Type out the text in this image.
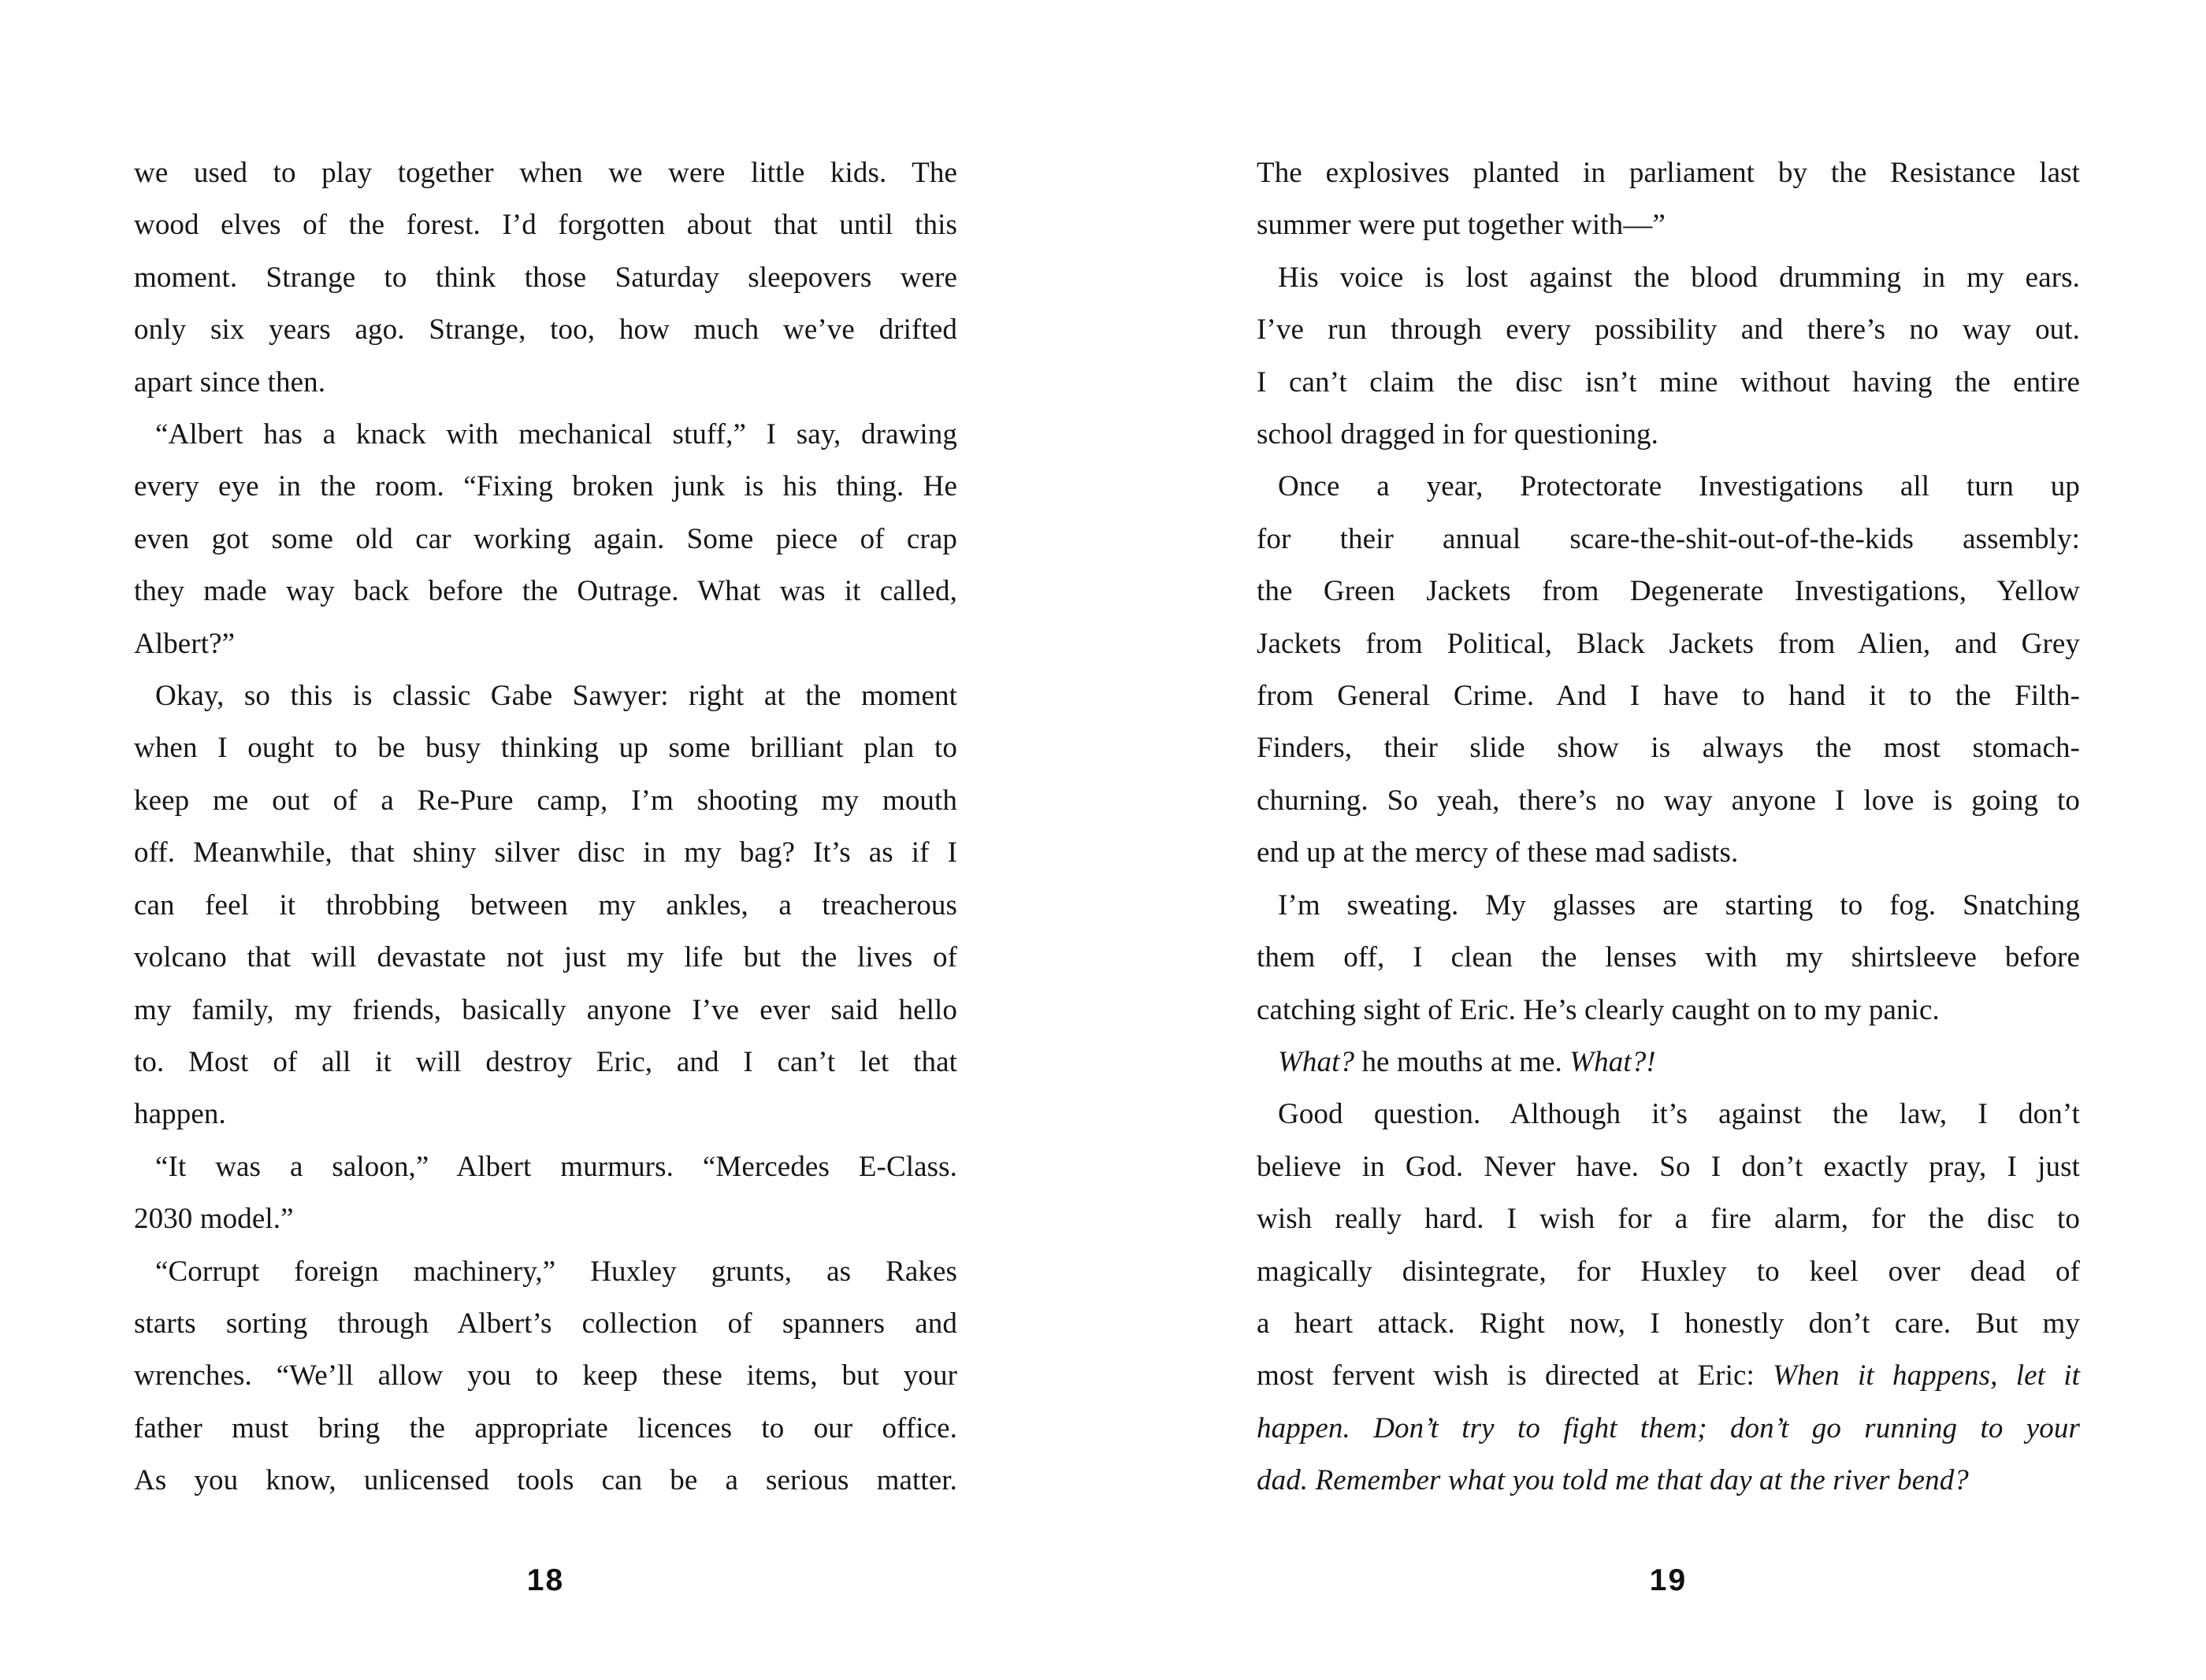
we used to play together when we were little kids. The
wood elves of the forest. I’d forgotten about that until this
moment. Strange to think those Saturday sleepovers were
only six years ago. Strange, too, how much we’ve drifted
apart since then.
“Albert has a knack with mechanical stuff,” I say, drawing
every eye in the room. “Fixing broken junk is his thing. He
even got some old car working again. Some piece of crap
they made way back before the Outrage. What was it called,
Albert?”
Okay, so this is classic Gabe Sawyer: right at the moment
when I ought to be busy thinking up some brilliant plan to
keep me out of a Re-Pure camp, I’m shooting my mouth
off. Meanwhile, that shiny silver disc in my bag? It’s as if I
can feel it throbbing between my ankles, a treacherous
volcano that will devastate not just my life but the lives of
my family, my friends, basically anyone I’ve ever said hello
to. Most of all it will destroy Eric, and I can’t let that
happen.
“It was a saloon,” Albert murmurs. “Mercedes E-Class.
2030 model.”
“Corrupt foreign machinery,” Huxley grunts, as Rakes
starts sorting through Albert’s collection of spanners and
wrenches. “We’ll allow you to keep these items, but your
father must bring the appropriate licences to our office.
As you know, unlicensed tools can be a serious matter.
The explosives planted in parliament by the Resistance last
summer were put together with—”
His voice is lost against the blood drumming in my ears.
I’ve run through every possibility and there’s no way out.
I can’t claim the disc isn’t mine without having the entire
school dragged in for questioning.
Once a year, Protectorate Investigations all turn up
for their annual scare-the-shit-out-of-the-kids assembly:
the Green Jackets from Degenerate Investigations, Yellow
Jackets from Political, Black Jackets from Alien, and Grey
from General Crime. And I have to hand it to the Filth-
Finders, their slide show is always the most stomach-
churning. So yeah, there’s no way anyone I love is going to
end up at the mercy of these mad sadists.
I’m sweating. My glasses are starting to fog. Snatching
them off, I clean the lenses with my shirtsleeve before
catching sight of Eric. He’s clearly caught on to my panic.
What? he mouths at me. What?!
Good question. Although it’s against the law, I don’t
believe in God. Never have. So I don’t exactly pray, I just
wish really hard. I wish for a fire alarm, for the disc to
magically disintegrate, for Huxley to keel over dead of
a heart attack. Right now, I honestly don’t care. But my
most fervent wish is directed at Eric: When it happens, let it
happen. Don’t try to fight them; don’t go running to your
dad. Remember what you told me that day at the river bend?
18	19
